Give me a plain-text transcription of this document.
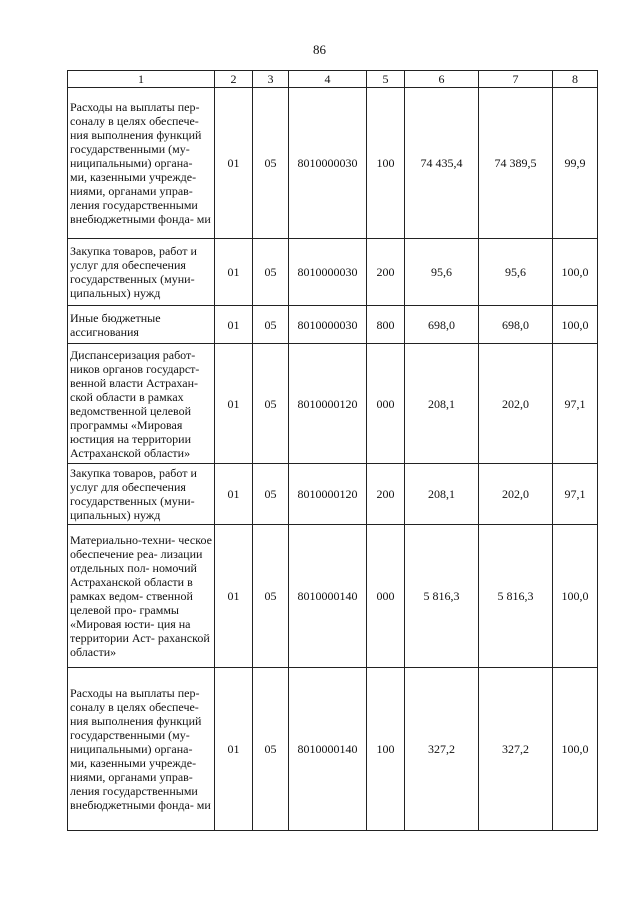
86
1	2	3	4	5	6	7	8
Расходы на выплаты пер- соналу в целях обеспече- ния выполнения функций государственными (му- ниципальными) органа- ми, казенными учрежде- ниями, органами управ- ления государственными внебюджетными фонда- ми	01	05	8010000030	100	74 435,4	74 389,5	99,9
Закупка товаров, работ и услуг для обеспечения государственных (муни- ципальных) нужд	01	05	8010000030	200	95,6	95,6	100,0
Иные бюджетные ассигнования	01	05	8010000030	800	698,0	698,0	100,0
Диспансеризация работ- ников органов государст- венной власти Астрахан- ской области в рамках ведомственной целевой программы «Мировая юстиция на территории Астраханской области»	01	05	8010000120	000	208,1	202,0	97,1
Закупка товаров, работ и услуг для обеспечения государственных (муни- ципальных) нужд	01	05	8010000120	200	208,1	202,0	97,1
Материально-техни- ческое обеспечение реа- лизации отдельных пол- номочий Астраханской области в рамках ведом- ственной целевой про- граммы «Мировая юсти- ция на территории Аст- раханской области»	01	05	8010000140	000	5 816,3	5 816,3	100,0
Расходы на выплаты пер- соналу в целях обеспече- ния выполнения функций государственными (му- ниципальными) органа- ми, казенными учрежде- ниями, органами управ- ления государственными внебюджетными фонда- ми	01	05	8010000140	100	327,2	327,2	100,0
